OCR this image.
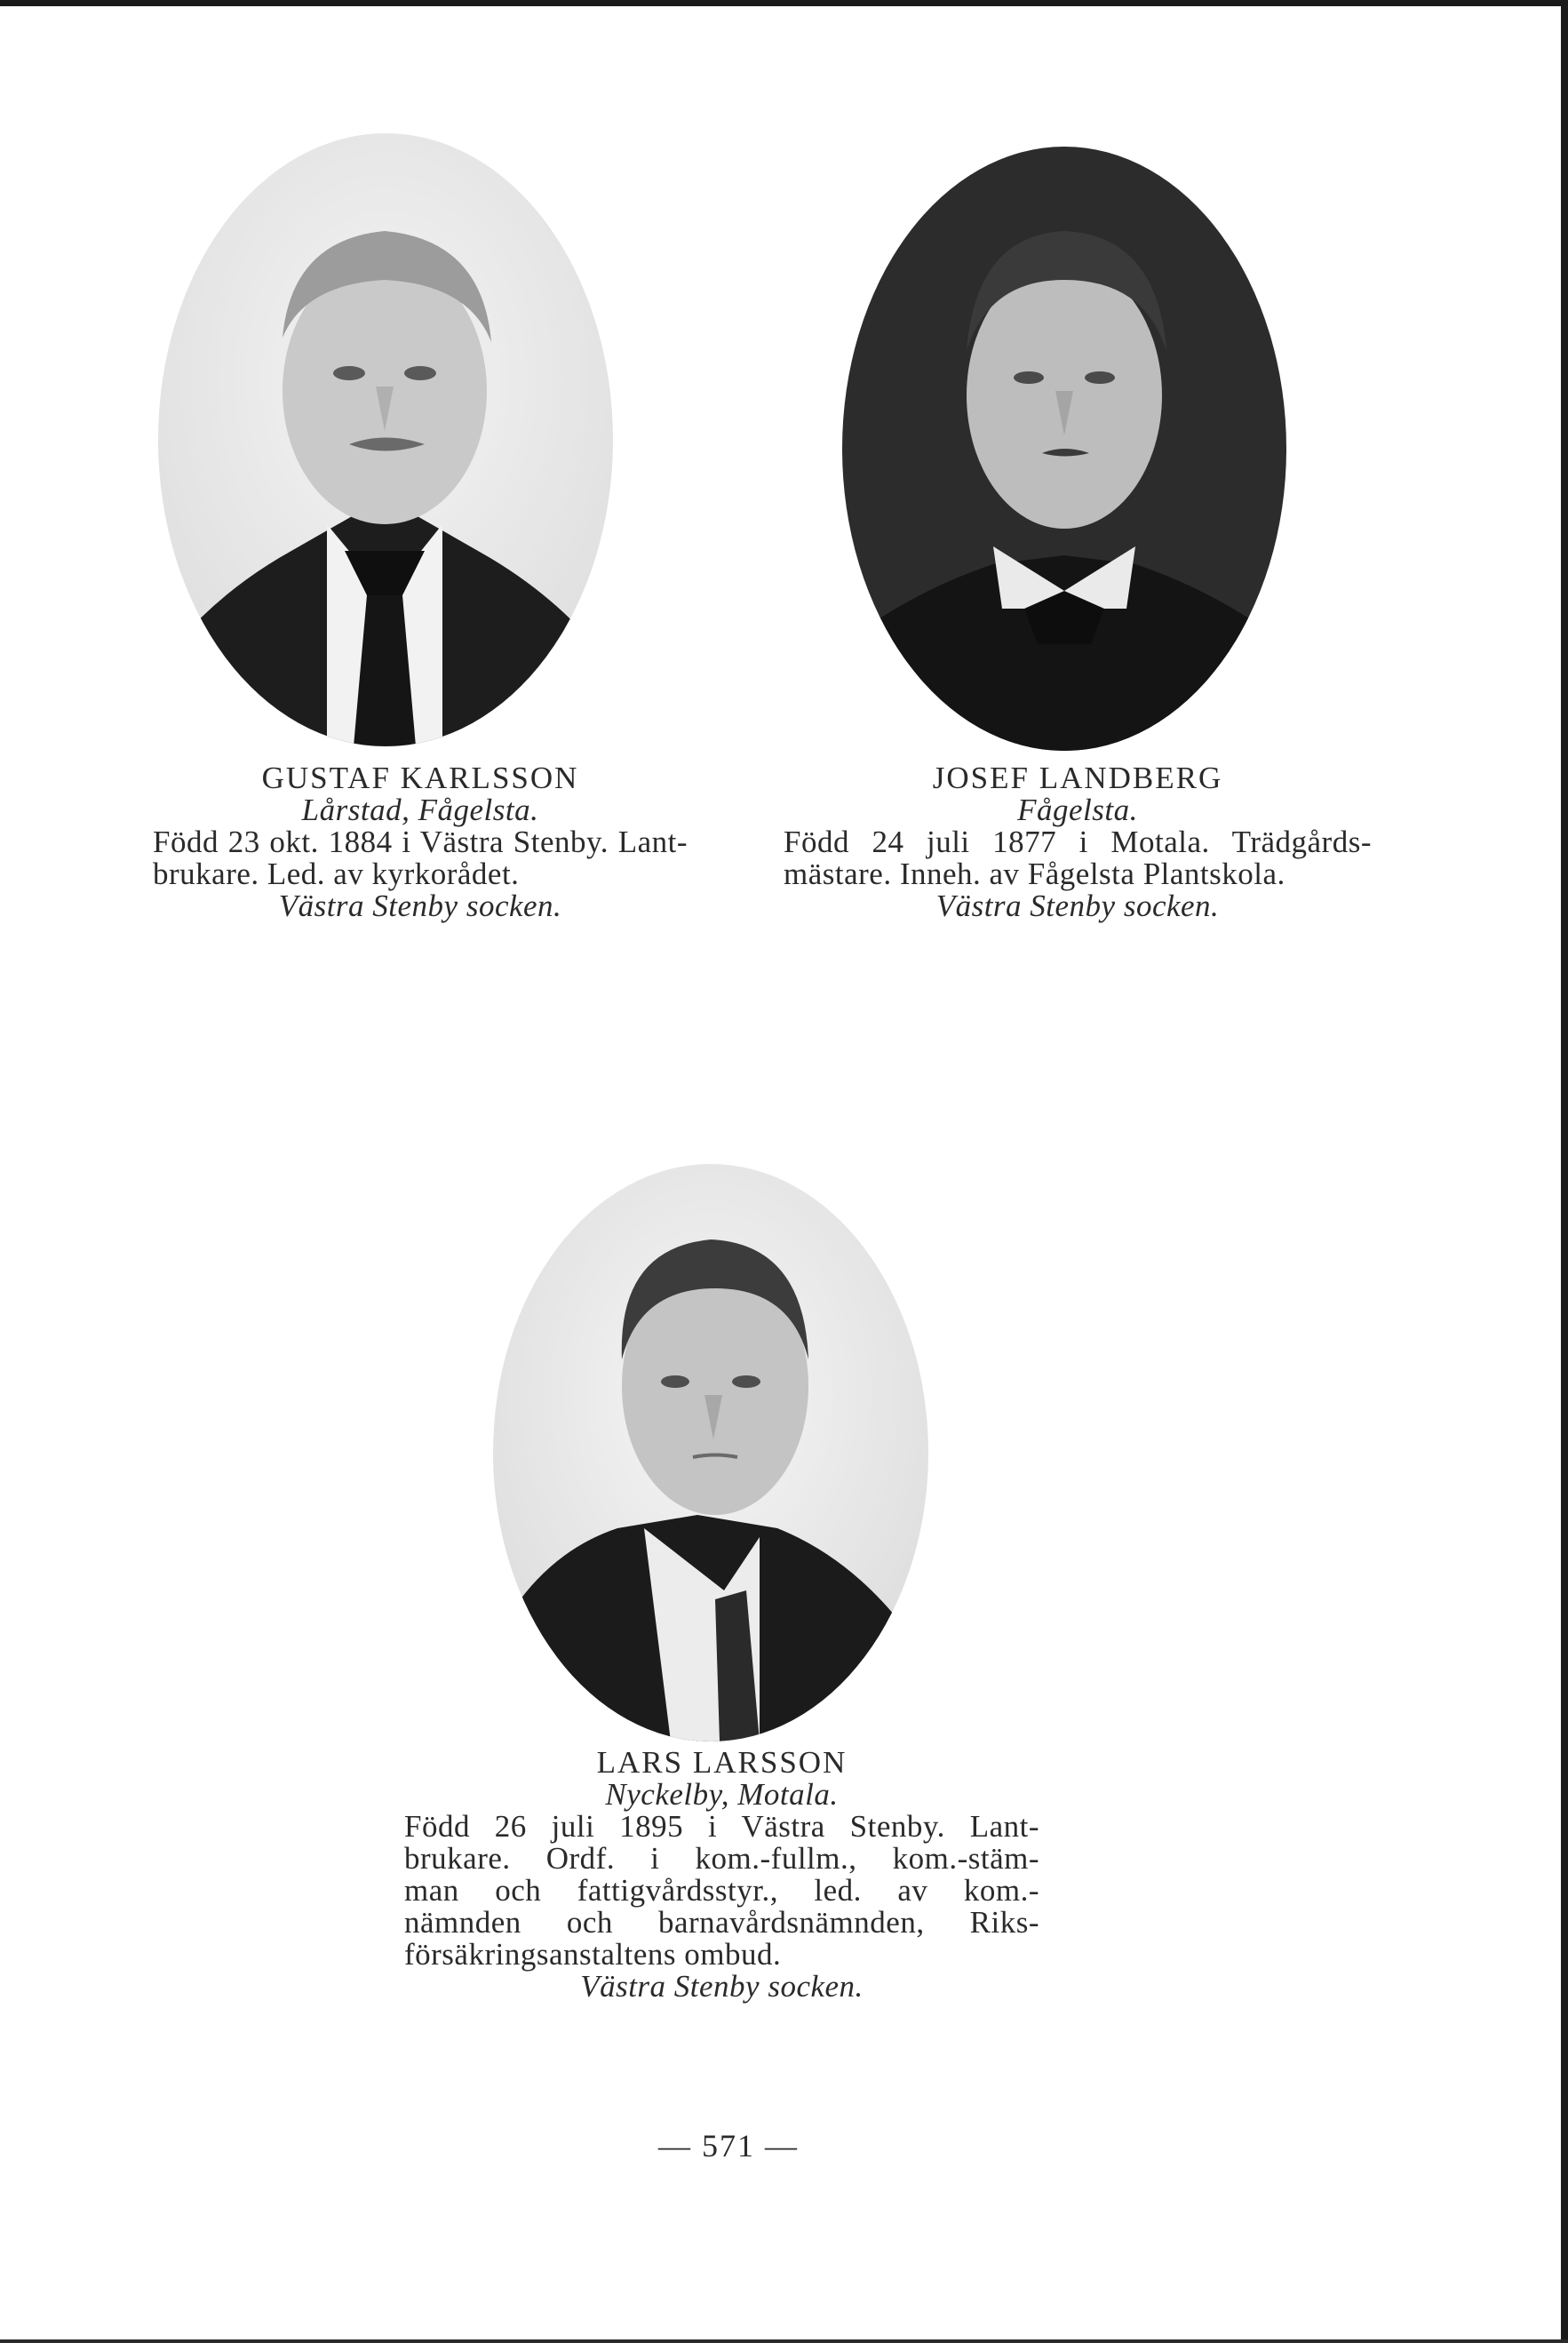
GUSTAF KARLSSON
Lårstad, Fågelsta.
Född 23 okt. 1884 i Västra Stenby. Lant-
brukare. Led. av kyrkorådet.
Västra Stenby socken.
JOSEF LANDBERG
Fågelsta.
Född 24 juli 1877 i Motala. Trädgårds-
mästare. Inneh. av Fågelsta Plantskola.
Västra Stenby socken.
LARS LARSSON
Nyckelby, Motala.
Född 26 juli 1895 i Västra Stenby. Lant-
brukare. Ordf. i kom.-fullm., kom.-stäm-
man och fattigvårdsstyr., led. av kom.-
nämnden och barnavårdsnämnden, Riks-
försäkringsanstaltens ombud.
Västra Stenby socken.
— 571 —
